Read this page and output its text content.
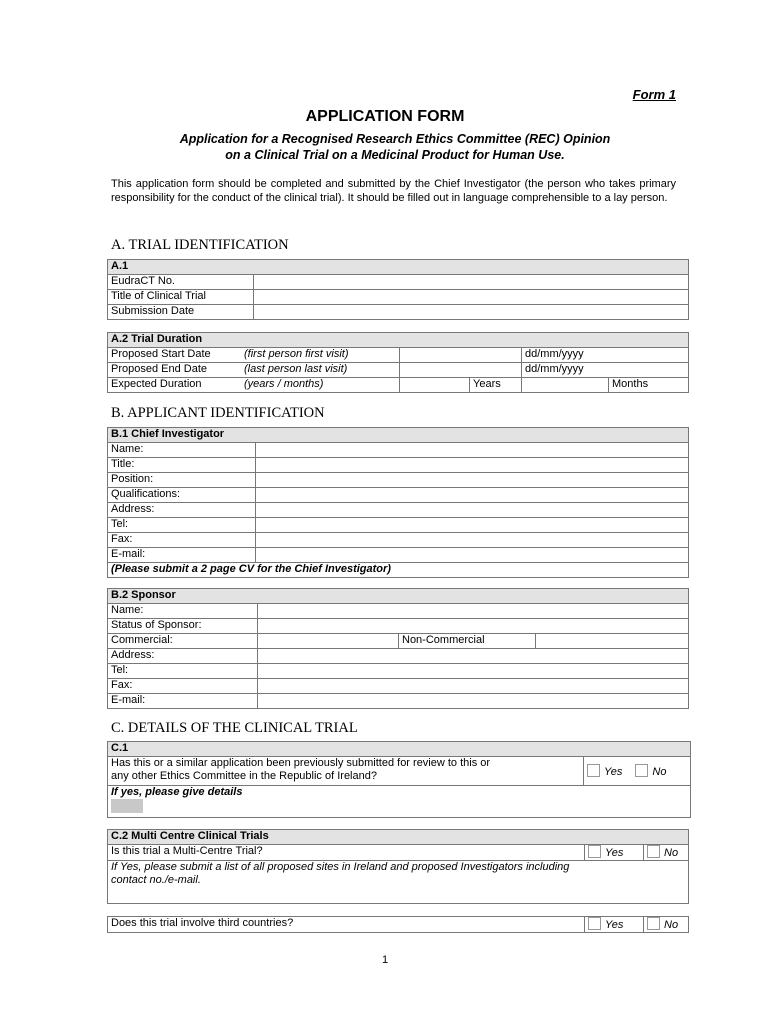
Form 1
APPLICATION FORM
Application for a Recognised Research Ethics Committee (REC) Opinion
on a Clinical Trial on a Medicinal Product for Human Use.
This application form should be completed and submitted by the Chief Investigator (the person who takes primary responsibility for the conduct of the clinical trial). It should be filled out in language comprehensible to a lay person.
A. TRIAL IDENTIFICATION
A.1	
EudraCT No.	
Title of Clinical Trial	
Submission Date	
A.2 Trial Duration					
Proposed Start Date	(first person first visit)			dd/mm/yyyy	
Proposed End Date	(last person last visit)			dd/mm/yyyy	
Expected Duration	(years / months)		Years		Months
B. APPLICANT IDENTIFICATION
B.1 Chief Investigator	
Name:	
Title:	
Position:	
Qualifications:	
Address:	
Tel:	
Fax:	
E-mail:	
(Please submit a 2 page CV for the Chief Investigator)	
B.2 Sponsor			
Name:			
Status of Sponsor:			
Commercial:		Non-Commercial	
Address:			
Tel:			
Fax:			
E-mail:			
C. DETAILS OF THE CLINICAL TRIAL
C.1

Has this or a similar application been previously submitted for review to this or
any other Ethics Committee in the Republic of Ireland?	Yes	No

If yes, please give details
C.2 Multi Centre Clinical Trials
Is this trial a Multi-Centre Trial?	Yes	No

If Yes, please submit a list of all proposed sites in Ireland and proposed Investigators including
contact no./e-mail.
Does this trial involve third countries?	Yes	No
1
